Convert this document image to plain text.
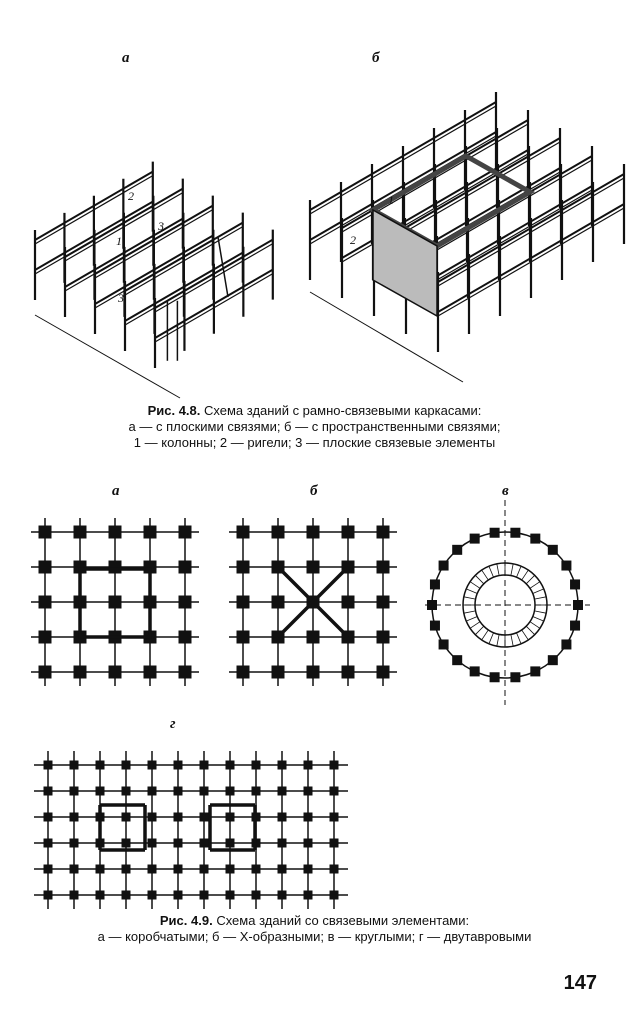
а	б
2
1
3
3
1
2
Рис. 4.8. Схема зданий с рамно-связевыми каркасами:
а — с плоскими связями; б — с пространственными связями;
1 — колонны; 2 — ригели; 3 — плоские связевые элементы
а	б	в
г
Рис. 4.9. Схема зданий со связевыми элементами:
а — коробчатыми; б — Х-образными; в — круглыми; г — двутавровыми
147
